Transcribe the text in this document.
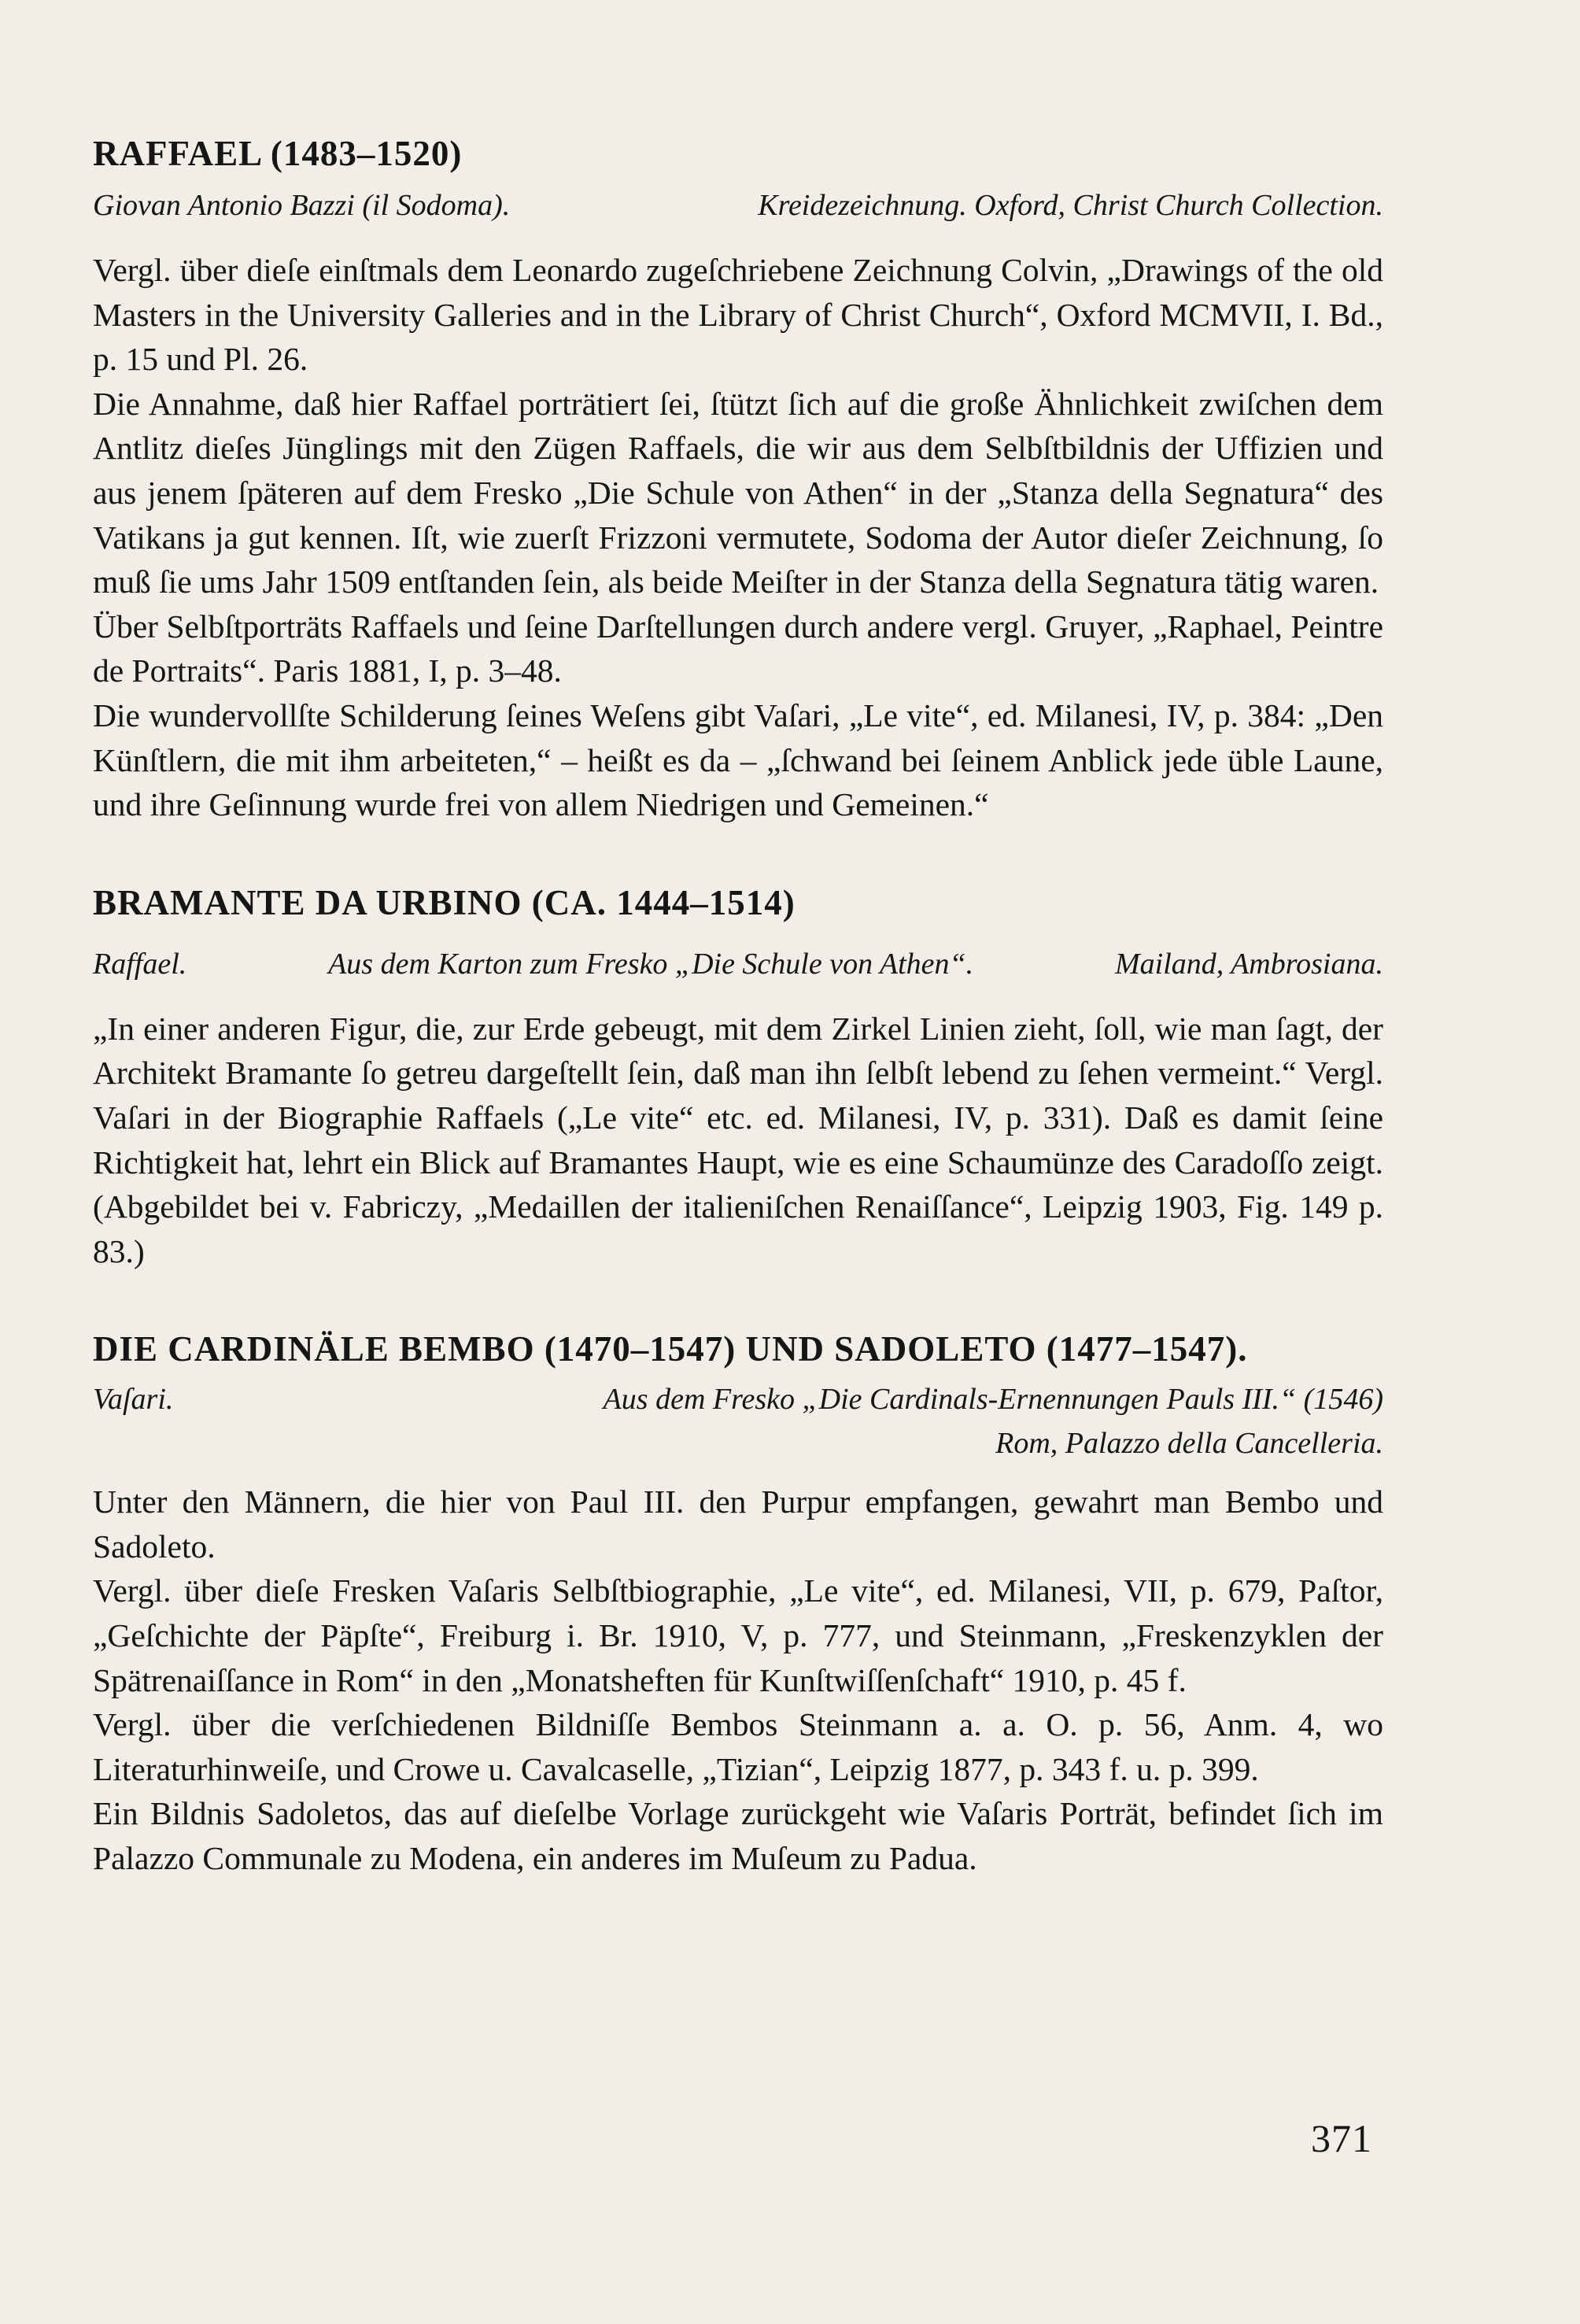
RAFFAEL (1483–1520)
Giovan Antonio Bazzi (il Sodoma).	Kreidezeichnung. Oxford, Christ Church Collection.

Vergl. über dieſe einſtmals dem Leonardo zugeſchriebene Zeichnung Colvin, „Drawings of the old Masters in the University Galleries and in the Library of Christ Church“, Oxford MCMVII, I. Bd., p. 15 und Pl. 26.

Die Annahme, daß hier Raffael porträtiert ſei, ſtützt ſich auf die große Ähnlichkeit zwiſchen dem Antlitz dieſes Jünglings mit den Zügen Raffaels, die wir aus dem Selbſtbildnis der Uffizien und aus jenem ſpäteren auf dem Fresko „Die Schule von Athen“ in der „Stanza della Segnatura“ des Vatikans ja gut kennen. Iſt, wie zuerſt Frizzoni vermutete, Sodoma der Autor dieſer Zeichnung, ſo muß ſie ums Jahr 1509 entſtanden ſein, als beide Meiſter in der Stanza della Segnatura tätig waren.

Über Selbſtporträts Raffaels und ſeine Darſtellungen durch andere vergl. Gruyer, „Raphael, Peintre de Portraits“. Paris 1881, I, p. 3–48.

Die wundervollſte Schilderung ſeines Weſens gibt Vaſari, „Le vite“, ed. Milanesi, IV, p. 384: „Den Künſtlern, die mit ihm arbeiteten,“ – heißt es da – „ſchwand bei ſeinem Anblick jede üble Laune, und ihre Geſinnung wurde frei von allem Niedrigen und Gemeinen.“

BRAMANTE DA URBINO (CA. 1444–1514)
Raffael.	Aus dem Karton zum Fresko „Die Schule von Athen“.	Mailand, Ambrosiana.

„In einer anderen Figur, die, zur Erde gebeugt, mit dem Zirkel Linien zieht, ſoll, wie man ſagt, der Architekt Bramante ſo getreu dargeſtellt ſein, daß man ihn ſelbſt lebend zu ſehen vermeint.“ Vergl. Vaſari in der Biographie Raffaels („Le vite“ etc. ed. Milanesi, IV, p. 331). Daß es damit ſeine Richtigkeit hat, lehrt ein Blick auf Bramantes Haupt, wie es eine Schaumünze des Caradoſſo zeigt. (Abgebildet bei v. Fabriczy, „Medaillen der italieniſchen Renaiſſance“, Leipzig 1903, Fig. 149 p. 83.)

DIE CARDINÄLE BEMBO (1470–1547) UND SADOLETO (1477–1547).
Vaſari.	Aus dem Fresko „Die Cardinals-Ernennungen Pauls III.“ (1546)
Rom, Palazzo della Cancelleria.

Unter den Männern, die hier von Paul III. den Purpur empfangen, gewahrt man Bembo und Sadoleto.

Vergl. über dieſe Fresken Vaſaris Selbſtbiographie, „Le vite“, ed. Milanesi, VII, p. 679, Paſtor, „Geſchichte der Päpſte“, Freiburg i. Br. 1910, V, p. 777, und Steinmann, „Freskenzyklen der Spätrenaiſſance in Rom“ in den „Monatsheften für Kunſtwiſſenſchaft“ 1910, p. 45 f.

Vergl. über die verſchiedenen Bildniſſe Bembos Steinmann a. a. O. p. 56, Anm. 4, wo Literaturhinweiſe, und Crowe u. Cavalcaselle, „Tizian“, Leipzig 1877, p. 343 f. u. p. 399.

Ein Bildnis Sadoletos, das auf dieſelbe Vorlage zurückgeht wie Vaſaris Porträt, befindet ſich im Palazzo Communale zu Modena, ein anderes im Muſeum zu Padua.

371
